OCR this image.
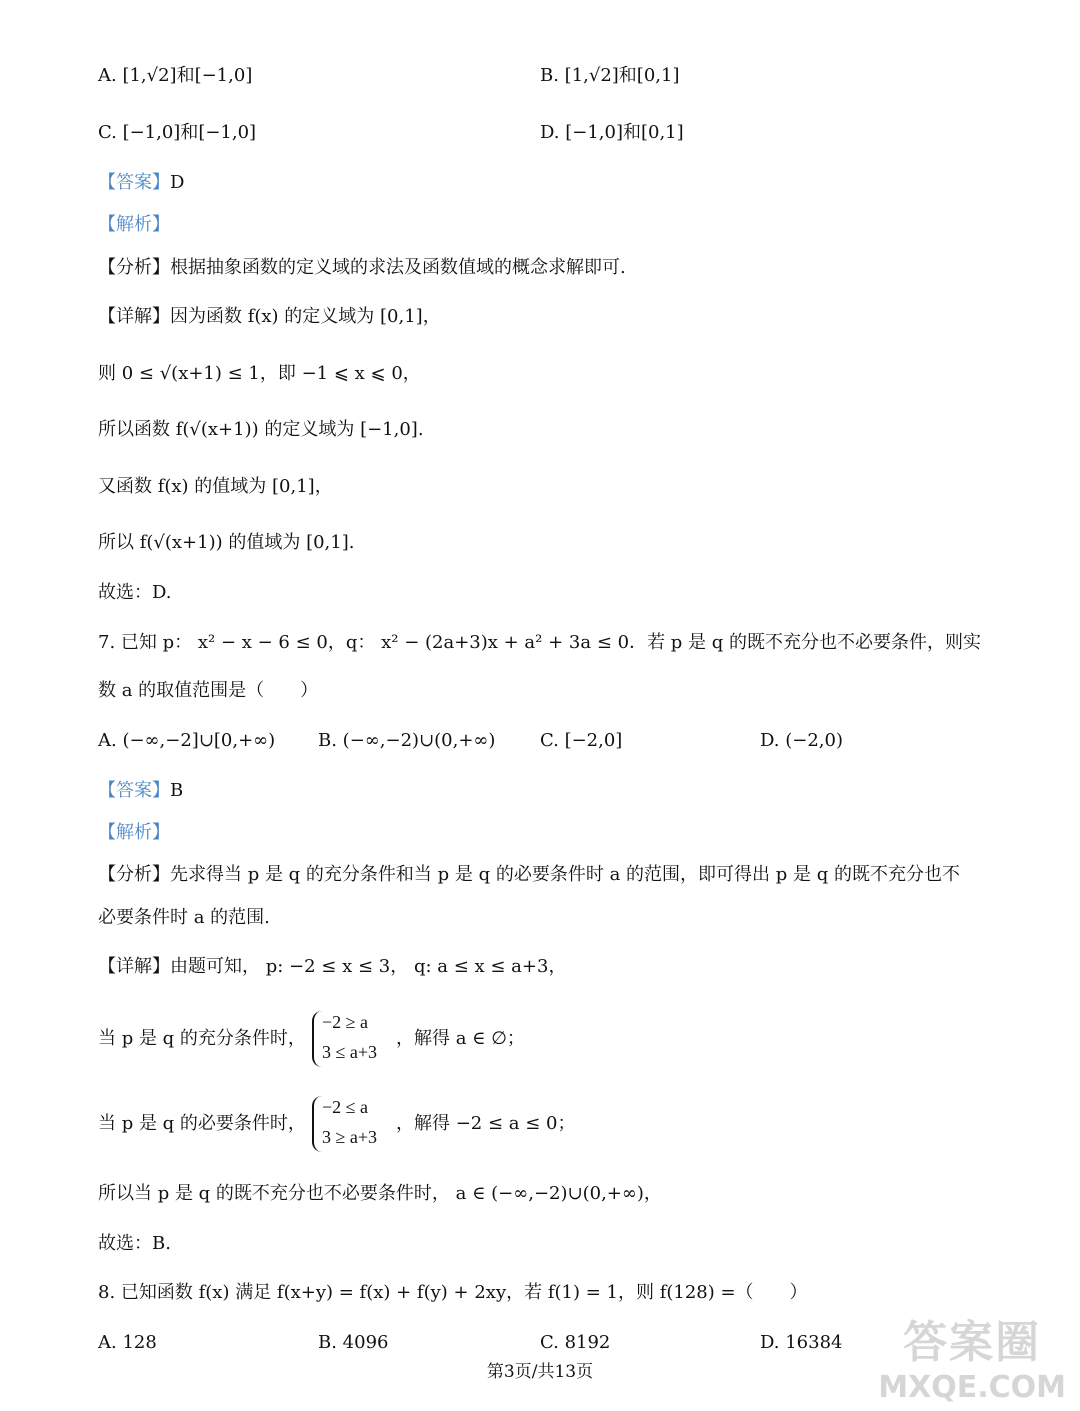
A. [1,√2]和[−1,0]	B. [1,√2]和[0,1]
C. [−1,0]和[−1,0]	D. [−1,0]和[0,1]
【答案】D
【解析】
【分析】根据抽象函数的定义域的求法及函数值域的概念求解即可.
【详解】因为函数 f(x) 的定义域为 [0,1]，
则 0 ≤ √(x+1) ≤ 1，即 −1 ⩽ x ⩽ 0，
所以函数 f(√(x+1)) 的定义域为 [−1,0].
又函数 f(x) 的值域为 [0,1]，
所以 f(√(x+1)) 的值域为 [0,1].
故选：D.
7. 已知 p： x² − x − 6 ≤ 0，q： x² − (2a+3)x + a² + 3a ≤ 0．若 p 是 q 的既不充分也不必要条件，则实
数 a 的取值范围是（　　）
A. (−∞,−2]∪[0,+∞) B. (−∞,−2)∪(0,+∞) C. [−2,0]	D. (−2,0)
【答案】B
【解析】
【分析】先求得当 p 是 q 的充分条件和当 p 是 q 的必要条件时 a 的范围，即可得出 p 是 q 的既不充分也不
必要条件时 a 的范围.
【详解】由题可知， p: −2 ≤ x ≤ 3， q: a ≤ x ≤ a+3，
当 p 是 q 的充分条件时，
−2 ≥ a
3 ≤ a+3
，解得 a ∈ ∅；
当 p 是 q 的必要条件时，
−2 ≤ a
3 ≥ a+3
，解得 −2 ≤ a ≤ 0；
所以当 p 是 q 的既不充分也不必要条件时， a ∈ (−∞,−2)∪(0,+∞)，
故选：B.
8. 已知函数 f(x) 满足 f(x+y) = f(x) + f(y) + 2xy，若 f(1) = 1，则 f(128) =（　　）
A. 128	B. 4096	C. 8192	D. 16384
第3页/共13页
答案圈
MXQE.COM
